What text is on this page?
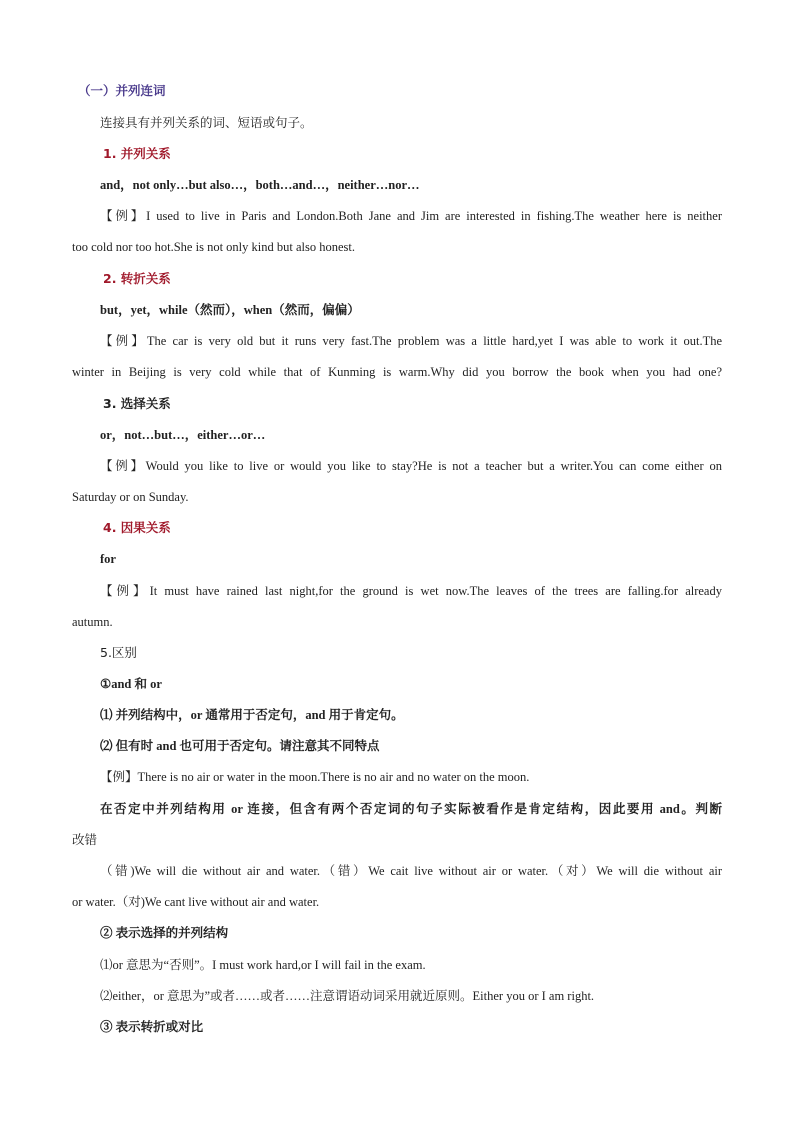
（一）并列连词
连接具有并列关系的词、短语或句子。
1. 并列关系
and，not only…but also…，both…and…，neither…nor…
【例】I used to live in Paris and London.Both Jane and Jim are interested in fishing.The weather here is neither
too cold nor too hot.She is not only kind but also honest.
2. 转折关系
but，yet，while（然而），when（然而，偏偏）
【例】The car is very old but it runs very fast.The problem was a little hard,yet I was able to work it out.The
winter in Beijing is very cold while that of Kunming is warm.Why did you borrow the book when you had one?
3. 选择关系
or，not…but…，either…or…
【例】Would you like to live or would you like to stay?He is not a teacher but a writer.You can come either on
Saturday or on Sunday.
4. 因果关系
for
【例】It must have rained last night,for the ground is wet now.The leaves of the trees are falling.for already
autumn.
5.区别
①and 和 or
⑴ 并列结构中，or 通常用于否定句，and 用于肯定句。
⑵ 但有时 and 也可用于否定句。请注意其不同特点
【例】There is no air or water in the moon.There is no air and no water on the moon.
在否定中并列结构用 or 连接，但含有两个否定词的句子实际被看作是肯定结构，因此要用 and。判断
改错
（错)We will die without air and water.（错）We cait live without air or water.（对）We will die without air
or water.（对)We cant live without air and water.
② 表示选择的并列结构
⑴or 意思为“否则”。I must work hard,or I will fail in the exam.
⑵either，or 意思为”或者……或者……注意谓语动词采用就近原则。Either you or I am right.
③ 表示转折或对比
